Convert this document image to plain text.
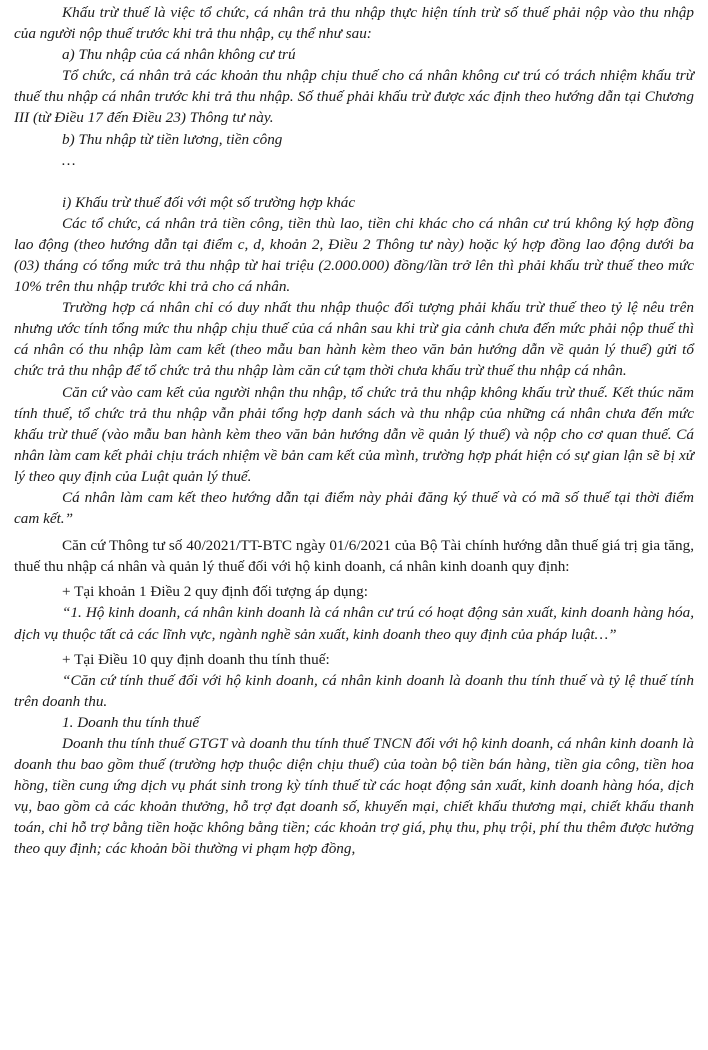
Khấu trừ thuế là việc tổ chức, cá nhân trả thu nhập thực hiện tính trừ số thuế phải nộp vào thu nhập của người nộp thuế trước khi trả thu nhập, cụ thể như sau:

a) Thu nhập của cá nhân không cư trú

Tổ chức, cá nhân trả các khoản thu nhập chịu thuế cho cá nhân không cư trú có trách nhiệm khấu trừ thuế thu nhập cá nhân trước khi trả thu nhập. Số thuế phải khấu trừ được xác định theo hướng dẫn tại Chương III (từ Điều 17 đến Điều 23) Thông tư này.

b) Thu nhập từ tiền lương, tiền công

…

i) Khấu trừ thuế đối với một số trường hợp khác

Các tổ chức, cá nhân trả tiền công, tiền thù lao, tiền chi khác cho cá nhân cư trú không ký hợp đồng lao động (theo hướng dẫn tại điểm c, d, khoản 2, Điều 2 Thông tư này) hoặc ký hợp đồng lao động dưới ba (03) tháng có tổng mức trả thu nhập từ hai triệu (2.000.000) đồng/lần trở lên thì phải khấu trừ thuế theo mức 10% trên thu nhập trước khi trả cho cá nhân.

Trường hợp cá nhân chỉ có duy nhất thu nhập thuộc đối tượng phải khấu trừ thuế theo tỷ lệ nêu trên nhưng ước tính tổng mức thu nhập chịu thuế của cá nhân sau khi trừ gia cảnh chưa đến mức phải nộp thuế thì cá nhân có thu nhập làm cam kết (theo mẫu ban hành kèm theo văn bản hướng dẫn về quản lý thuế) gửi tổ chức trả thu nhập để tổ chức trả thu nhập làm căn cứ tạm thời chưa khấu trừ thuế thu nhập cá nhân.

Căn cứ vào cam kết của người nhận thu nhập, tổ chức trả thu nhập không khấu trừ thuế. Kết thúc năm tính thuế, tổ chức trả thu nhập vẫn phải tổng hợp danh sách và thu nhập của những cá nhân chưa đến mức khấu trừ thuế (vào mẫu ban hành kèm theo văn bản hướng dẫn về quản lý thuế) và nộp cho cơ quan thuế. Cá nhân làm cam kết phải chịu trách nhiệm về bản cam kết của mình, trường hợp phát hiện có sự gian lận sẽ bị xử lý theo quy định của Luật quản lý thuế.

Cá nhân làm cam kết theo hướng dẫn tại điểm này phải đăng ký thuế và có mã số thuế tại thời điểm cam kết.”

Căn cứ Thông tư số 40/2021/TT-BTC ngày 01/6/2021 của Bộ Tài chính hướng dẫn thuế giá trị gia tăng, thuế thu nhập cá nhân và quản lý thuế đối với hộ kinh doanh, cá nhân kinh doanh quy định:

+ Tại khoản 1 Điều 2 quy định đối tượng áp dụng:

“1. Hộ kinh doanh, cá nhân kinh doanh là cá nhân cư trú có hoạt động sản xuất, kinh doanh hàng hóa, dịch vụ thuộc tất cả các lĩnh vực, ngành nghề sản xuất, kinh doanh theo quy định của pháp luật…”

+ Tại Điều 10 quy định doanh thu tính thuế:

“Căn cứ tính thuế đối với hộ kinh doanh, cá nhân kinh doanh là doanh thu tính thuế và tỷ lệ thuế tính trên doanh thu.

1. Doanh thu tính thuế

Doanh thu tính thuế GTGT và doanh thu tính thuế TNCN đối với hộ kinh doanh, cá nhân kinh doanh là doanh thu bao gồm thuế (trường hợp thuộc diện chịu thuế) của toàn bộ tiền bán hàng, tiền gia công, tiền hoa hồng, tiền cung ứng dịch vụ phát sinh trong kỳ tính thuế từ các hoạt động sản xuất, kinh doanh hàng hóa, dịch vụ, bao gồm cả các khoản thưởng, hỗ trợ đạt doanh số, khuyến mại, chiết khấu thương mại, chiết khấu thanh toán, chi hỗ trợ bằng tiền hoặc không bằng tiền; các khoản trợ giá, phụ thu, phụ trội, phí thu thêm được hưởng theo quy định; các khoản bồi thường vi phạm hợp đồng,
